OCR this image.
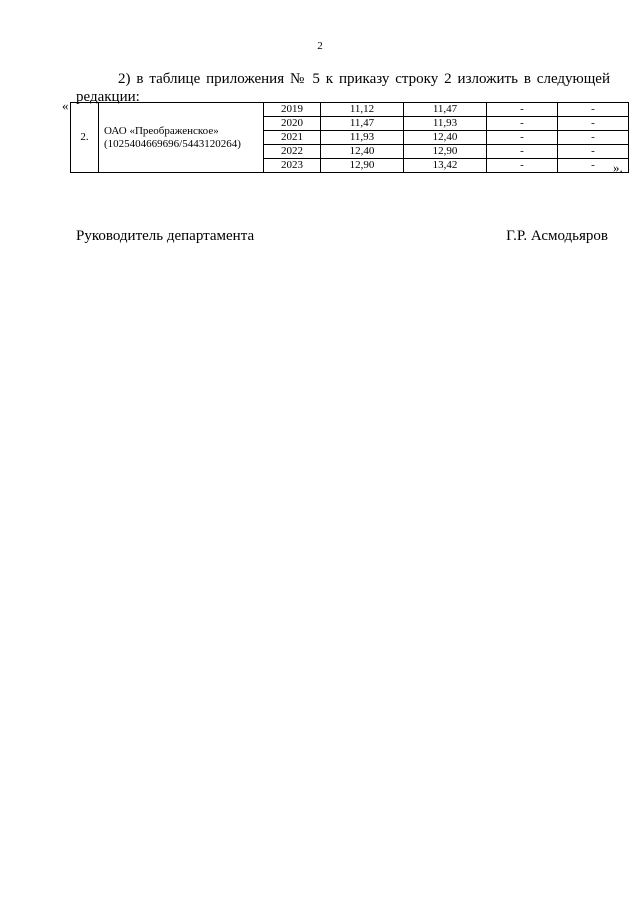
2
2) в таблице приложения № 5 к приказу строку 2 изложить в следующей
редакции:
«
2.	ОАО «Преображенское»
(1025404669696/5443120264)	2019	11,12	11,47	-	-
		2020	11,47	11,93	-	-
		2021	11,93	12,40	-	-
		2022	12,40	12,90	-	-
		2023	12,90	13,42	-	- ».
Руководитель департамента	Г.Р. Асмодьяров
